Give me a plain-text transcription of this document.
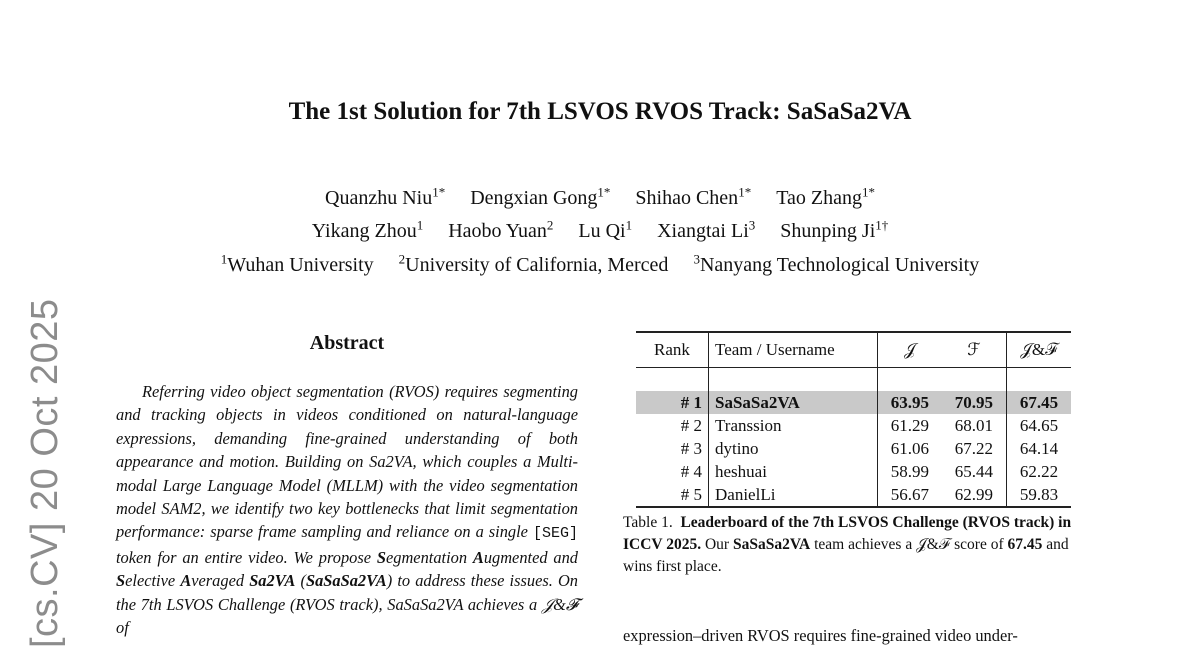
[cs.CV] 20 Oct 2025
The 1st Solution for 7th LSVOS RVOS Track: SaSaSa2VA
Quanzhu Niu$^{1*}$ Dengxian Gong$^{1*}$ Shihao Chen$^{1*}$ Tao Zhang$^{1*}$
Yikang Zhou$^1$ Haobo Yuan$^2$ Lu Qi$^1$ Xiangtai Li$^3$ Shunping $Ji^{1\dagger}$
$^1$Wuhan University $^2$University of California, Merced $^3$Nanyang Technological University
Abstract
Referring video object segmentation (RVOS) requires segmenting and tracking objects in videos conditioned on natural-language expressions, demanding fine-grained understanding of both appearance and motion. Building on Sa2VA, which couples a Multi-modal Large Language Model (MLLM) with the video segmentation model SAM2, we identify two key bottlenecks that limit segmentation performance: sparse frame sampling and reliance on a single [SEG] token for an entire video. We propose Segmentation Augmented and Selective Averaged Sa2VA (SaSaSa2VA) to address these issues. On the 7th LSVOS Challenge (RVOS track), SaSaSa2VA achieves a 𝒥&𝓕 of
Rank	Team / Username	𝒥	ℱ	𝒥&ℱ

# 1	SaSaSa2VA	63.95	70.95	67.45
# 2	Transsion	61.29	68.01	64.65
# 3	dytino	61.06	67.22	64.14
# 4	heshuai	58.99	65.44	62.22
# 5	DanielLi	56.67	62.99	59.83
Table 1. Leaderboard of the 7th LSVOS Challenge (RVOS track) in ICCV 2025. Our SaSaSa2VA team achieves a 𝒥&ℱ score of 67.45 and wins first place.
expression–driven RVOS requires fine-grained video under-
